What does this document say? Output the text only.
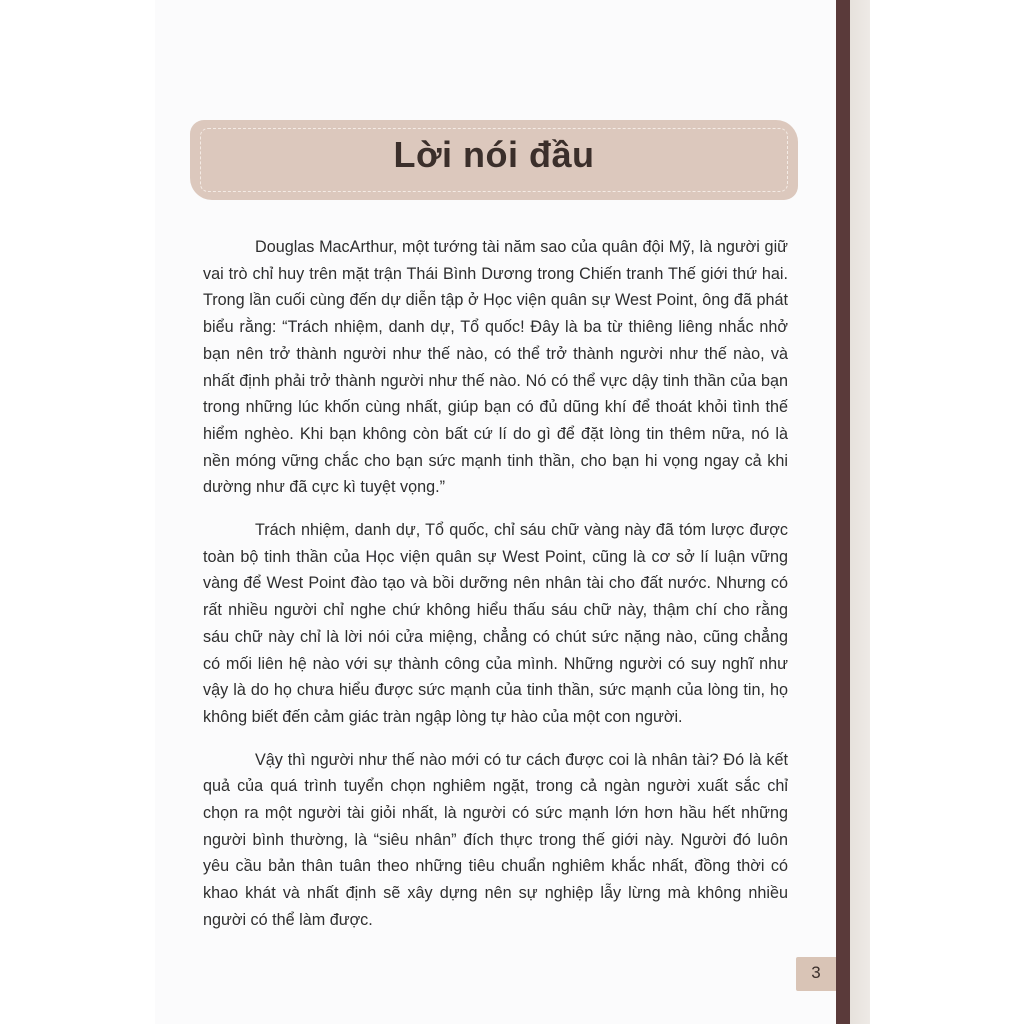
Lời nói đầu

Douglas MacArthur, một tướng tài năm sao của quân đội Mỹ, là người giữ vai trò chỉ huy trên mặt trận Thái Bình Dương trong Chiến tranh Thế giới thứ hai. Trong lần cuối cùng đến dự diễn tập ở Học viện quân sự West Point, ông đã phát biểu rằng: “Trách nhiệm, danh dự, Tổ quốc! Đây là ba từ thiêng liêng nhắc nhở bạn nên trở thành người như thế nào, có thể trở thành người như thế nào, và nhất định phải trở thành người như thế nào. Nó có thể vực dậy tinh thần của bạn trong những lúc khốn cùng nhất, giúp bạn có đủ dũng khí để thoát khỏi tình thế hiểm nghèo. Khi bạn không còn bất cứ lí do gì để đặt lòng tin thêm nữa, nó là nền móng vững chắc cho bạn sức mạnh tinh thần, cho bạn hi vọng ngay cả khi dường như đã cực kì tuyệt vọng.”

Trách nhiệm, danh dự, Tổ quốc, chỉ sáu chữ vàng này đã tóm lược được toàn bộ tinh thần của Học viện quân sự West Point, cũng là cơ sở lí luận vững vàng để West Point đào tạo và bồi dưỡng nên nhân tài cho đất nước. Nhưng có rất nhiều người chỉ nghe chứ không hiểu thấu sáu chữ này, thậm chí cho rằng sáu chữ này chỉ là lời nói cửa miệng, chẳng có chút sức nặng nào, cũng chẳng có mối liên hệ nào với sự thành công của mình. Những người có suy nghĩ như vậy là do họ chưa hiểu được sức mạnh của tinh thần, sức mạnh của lòng tin, họ không biết đến cảm giác tràn ngập lòng tự hào của một con người.

Vậy thì người như thế nào mới có tư cách được coi là nhân tài? Đó là kết quả của quá trình tuyển chọn nghiêm ngặt, trong cả ngàn người xuất sắc chỉ chọn ra một người tài giỏi nhất, là người có sức mạnh lớn hơn hầu hết những người bình thường, là “siêu nhân” đích thực trong thế giới này. Người đó luôn yêu cầu bản thân tuân theo những tiêu chuẩn nghiêm khắc nhất, đồng thời có khao khát và nhất định sẽ xây dựng nên sự nghiệp lẫy lừng mà không nhiều người có thể làm được.

3
